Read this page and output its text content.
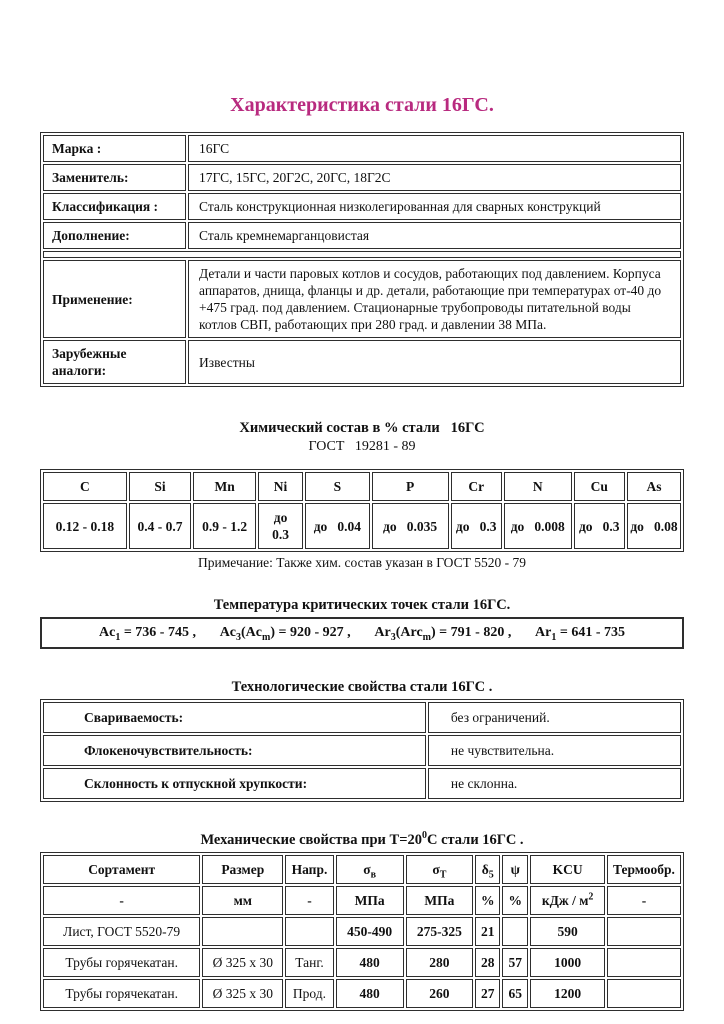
Характеристика стали 16ГС.
Марка :	16ГС
Заменитель:	17ГС, 15ГС, 20Г2С, 20ГС, 18Г2С
Классификация :	Сталь конструкционная низколегированная для сварных конструкций
Дополнение:	Сталь кремнемарганцовистая

Применение:	Детали и части паровых котлов и сосудов, работающих под давлением. Корпуса аппаратов, днища, фланцы и др. детали, работающие при температурах от-40 до +475 град. под давлением. Стационарные трубопроводы питательной воды котлов СВП, работающих при 280 град. и давлении 38 МПа.
Зарубежные аналоги:	Известны
Химический состав в % стали   16ГС
ГОСТ   19281 - 89
C	Si	Mn	Ni	S	P	Cr	N	Cu	As
0.12 - 0.18	0.4 - 0.7	0.9 - 1.2	до   0.3	до   0.04	до   0.035	до   0.3	до   0.008	до   0.3	до   0.08
Примечание: Также хим. состав указан в ГОСТ 5520 - 79
Температура критических точек стали 16ГС.
$Ac_1 = 736 - 745$ ,       $Ac_3(Ac_m) = 920 - 927$ ,       $Ar_3(Arc_m) = 791 - 820$ ,       $Ar_1 = 641 - 735$
Технологические свойства стали 16ГС .
Свариваемость:	без ограничений.
Флокеночувствительность:	не чувствительна.
Склонность к отпускной хрупкости:	не склонна.
Механические свойства при $Т=20^0С$ стали 16ГС .
Сортамент	Размер	Напр.	$\sigma_в$	$\sigma_Т$	$\delta_5$	ψ	KCU	Термообр.
-	мм	-	МПа	МПа	%	%	кДж / $м^2$	-
Лист, ГОСТ 5520-79			450-490	275-325	21		590	
Трубы горячекатан.	Ø 325 x 30	Танг.	480	280	28	57	1000	
Трубы горячекатан.	Ø 325 x 30	Прод.	480	260	27	65	1200	
